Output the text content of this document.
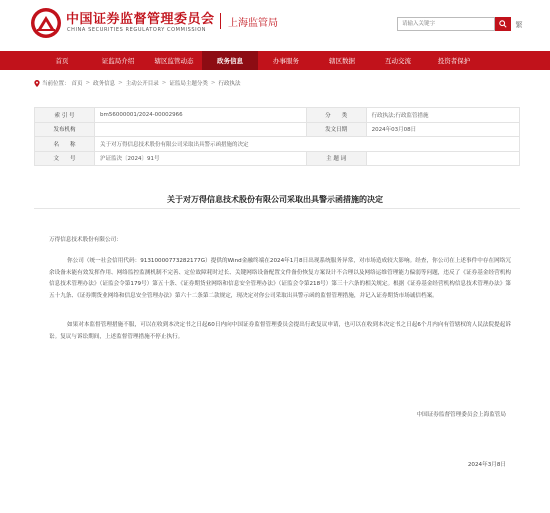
中国证券监督管理委员会
CHINA SECURITIES REGULATORY COMMISSION
上海监管局
请输入关键字	繁
首页	证监局介绍	辖区监管动态	政务信息	办事服务	辖区数据	互动交流	投资者保护
当前位置： 首页 > 政务信息 > 主动公开目录 > 证监局主题分类 > 行政执法
索 引 号	bm56000001/2024-00002966	分　　类	行政执法;行政监管措施
发布机构		发文日期	2024年03月08日
名　　称	关于对万得信息技术股份有限公司采取出具警示函措施的决定		
文　　号	沪证监决〔2024〕91号	主 题 词	
关于对万得信息技术股份有限公司采取出具警示函措施的决定
万得信息技术股份有限公司：
你公司（统一社会信用代码：91310000773282177G）提供的Wind金融终端在2024年1月8日出现系统服务异常，对市场造成较大影响。经查，你公司在上述事件中存在网络冗余设备未能有效发挥作用、网络监控监测机制不完善、定位故障耗时过长、关键网络设备配置文件备份恢复方案设计不合理以及网络运维管理能力偏弱等问题，违反了《证券基金经营机构信息技术管理办法》（证监会令第179号）第五十条、《证券期货业网络和信息安全管理办法》（证监会令第218号）第三十六条的相关规定。根据《证券基金经营机构信息技术管理办法》第五十九条、《证券期货业网络和信息安全管理办法》第六十二条第二款规定，现决定对你公司采取出具警示函的监督管理措施，并记入证券期货市场诚信档案。
如果对本监督管理措施不服，可以在收到本决定书之日起60日内向中国证券监督管理委员会提出行政复议申请，也可以在收到本决定书之日起6个月内向有管辖权的人民法院提起诉讼。复议与诉讼期间，上述监督管理措施不停止执行。
中国证券监督管理委员会上海监管局
2024年3月8日
